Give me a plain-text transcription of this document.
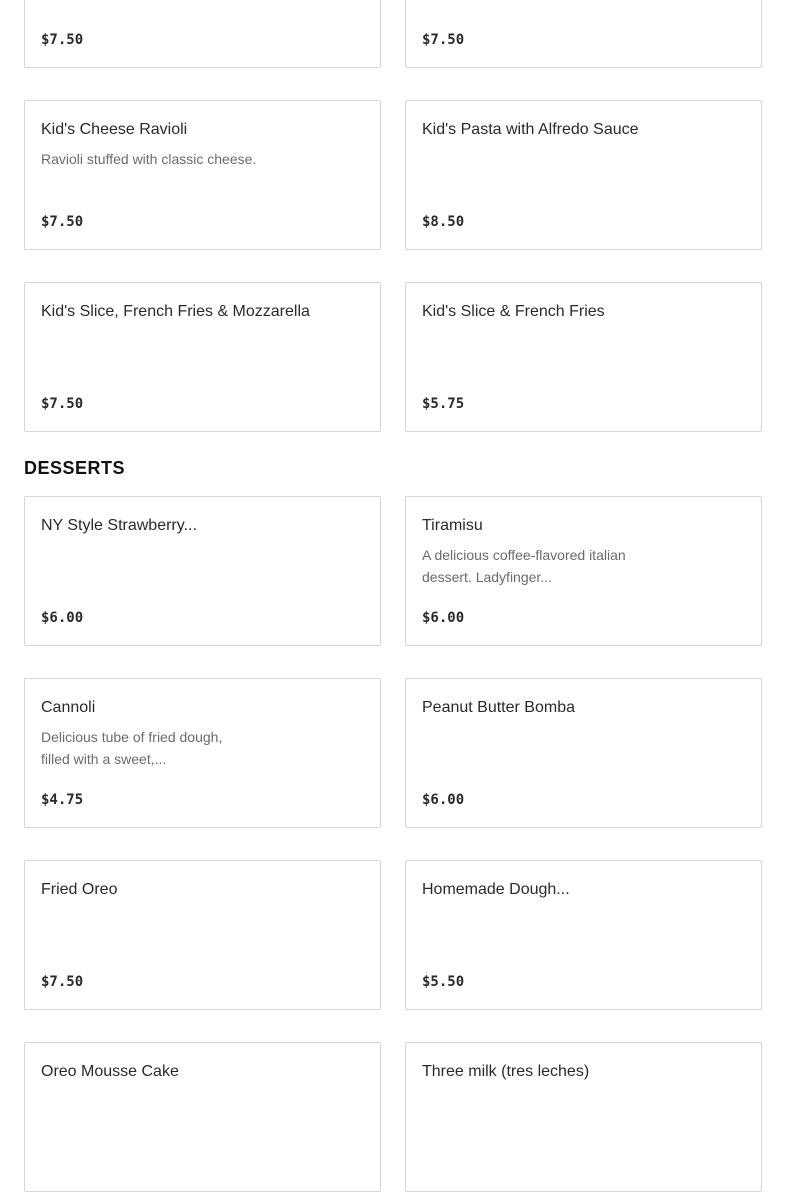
$7.50	$7.50
Kid's Cheese Ravioli
Ravioli stuffed with classic cheese.
$7.50
Kid's Pasta with Alfredo Sauce
$8.50
Kid's Slice, French Fries & Mozzarella
$7.50
Kid's Slice & French Fries
$5.75
DESSERTS
NY Style Strawberry...
$6.00
Tiramisu
A delicious coffee-flavored italian dessert. Ladyfinger...
$6.00
Cannoli
Delicious tube of fried dough, filled with a sweet,...
$4.75
Peanut Butter Bomba
$6.00
Fried Oreo
$7.50
Homemade Dough...
$5.50
Oreo Mousse Cake	Three milk (tres leches)
